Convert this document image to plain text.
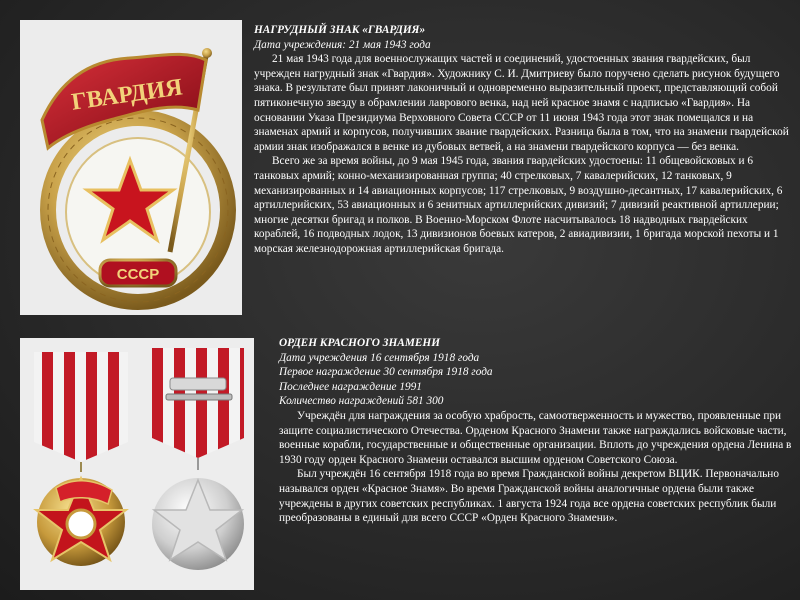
ГВАРДИЯ
СССР

НАГРУДНЫЙ ЗНАК «ГВАРДИЯ»

Дата учреждения: 21 мая 1943 года

21 мая 1943 года для военнослужащих частей и соединений, удостоенных звания гвардейских, был учрежден нагрудный знак «Гвардия». Художнику С. И. Дмитриеву было поручено сделать рисунок будущего знака. В результате был принят лаконичный и одновременно выразительный проект, представляющий собой пятиконечную звезду в обрамлении лаврового венка, над ней красное знамя с надписью «Гвардия». На основании Указа Президиума Верховного Совета СССР от 11 июня 1943 года этот знак помещался и на знаменах армий и корпусов, получивших звание гвардейских. Разница была в том, что на знамени гвардейской армии знак изображался в венке из дубовых ветвей, а на знамени гвардейского корпуса — без венка.

Всего же за время войны, до 9 мая 1945 года, звания гвардейских удостоены: 11 общевойсковых и 6 танковых армий; конно-механизированная группа; 40 стрелковых, 7 кавалерийских, 12 танковых, 9 механизированных и 14 авиационных корпусов; 117 стрелковых, 9 воздушно-десантных, 17 кавалерийских, 6 артиллерийских, 53 авиационных и 6 зенитных артиллерийских дивизий; 7 дивизий реактивной артиллерии; многие десятки бригад и полков. В Военно-Морском Флоте насчитывалось 18 надводных гвардейских кораблей, 16 подводных лодок, 13 дивизионов боевых катеров, 2 авиадивизии, 1 бригада морской пехоты и 1 морская железнодорожная артиллерийская бригада.

ОРДЕН КРАСНОГО ЗНАМЕНИ

Дата учреждения 16 сентября 1918 года

Первое награждение 30 сентября 1918 года

Последнее награждение 1991

Количество награждений 581 300

Учреждён для награждения за особую храбрость, самоотверженность и мужество, проявленные при защите социалистического Отечества. Орденом Красного Знамени также награждались войсковые части, военные корабли, государственные и общественные организации. Вплоть до учреждения ордена Ленина в 1930 году орден Красного Знамени оставался высшим орденом Советского Союза.

Был учреждён 16 сентября 1918 года во время Гражданской войны декретом ВЦИК. Первоначально назывался орден «Красное Знамя». Во время Гражданской войны аналогичные ордена были также учреждены в других советских республиках. 1 августа 1924 года все ордена советских республик были преобразованы в единый для всего СССР «Орден Красного Знамени».
